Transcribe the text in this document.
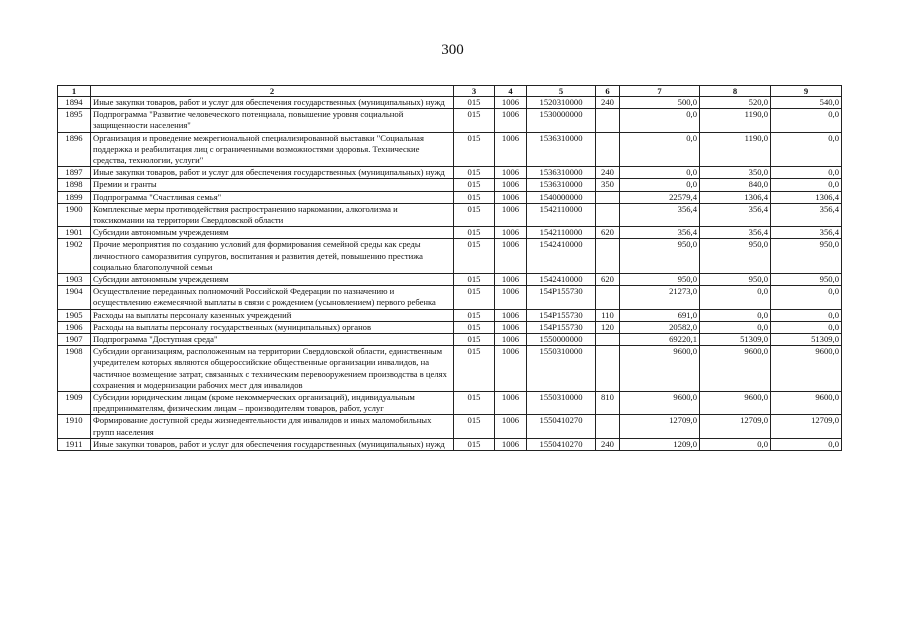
300
1	2	3	4	5	6	7	8	9
1894	Иные закупки товаров, работ и услуг для обеспечения государственных (муниципальных) нужд	015	1006	1520310000	240	500,0	520,0	540,0
1895	Подпрограмма "Развитие человеческого потенциала, повышение уровня социальной защищенности населения"	015	1006	1530000000		0,0	1190,0	0,0
1896	Организация и проведение межрегиональной специализированной выставки "Социальная поддержка и реабилитация лиц с ограниченными возможностями здоровья. Технические средства, технологии, услуги"	015	1006	1536310000		0,0	1190,0	0,0
1897	Иные закупки товаров, работ и услуг для обеспечения государственных (муниципальных) нужд	015	1006	1536310000	240	0,0	350,0	0,0
1898	Премии и гранты	015	1006	1536310000	350	0,0	840,0	0,0
1899	Подпрограмма "Счастливая семья"	015	1006	1540000000		22579,4	1306,4	1306,4
1900	Комплексные меры противодействия распространению наркомании, алкоголизма и токсикомании на территории Свердловской области	015	1006	1542110000		356,4	356,4	356,4
1901	Субсидии автономным учреждениям	015	1006	1542110000	620	356,4	356,4	356,4
1902	Прочие мероприятия по созданию условий для формирования семейной среды как среды личностного саморазвития супругов, воспитания и развития детей, повышению престижа социально благополучной семьи	015	1006	1542410000		950,0	950,0	950,0
1903	Субсидии автономным учреждениям	015	1006	1542410000	620	950,0	950,0	950,0
1904	Осуществление переданных полномочий Российской Федерации по назначению и осуществлению ежемесячной выплаты в связи с рождением (усыновлением) первого ребенка	015	1006	154P155730		21273,0	0,0	0,0
1905	Расходы на выплаты персоналу казенных учреждений	015	1006	154P155730	110	691,0	0,0	0,0
1906	Расходы на выплаты персоналу государственных (муниципальных) органов	015	1006	154P155730	120	20582,0	0,0	0,0
1907	Подпрограмма "Доступная среда"	015	1006	1550000000		69220,1	51309,0	51309,0
1908	Субсидии организациям, расположенным на территории Свердловской области, единственным учредителем которых являются общероссийские общественные организации инвалидов, на частичное возмещение затрат, связанных с техническим перевооружением производства в целях сохранения и модернизации рабочих мест для инвалидов	015	1006	1550310000		9600,0	9600,0	9600,0
1909	Субсидии юридическим лицам (кроме некоммерческих организаций), индивидуальным предпринимателям, физическим лицам – производителям товаров, работ, услуг	015	1006	1550310000	810	9600,0	9600,0	9600,0
1910	Формирование доступной среды жизнедеятельности для инвалидов и иных маломобильных групп населения	015	1006	1550410270		12709,0	12709,0	12709,0
1911	Иные закупки товаров, работ и услуг для обеспечения государственных (муниципальных) нужд	015	1006	1550410270	240	1209,0	0,0	0,0
